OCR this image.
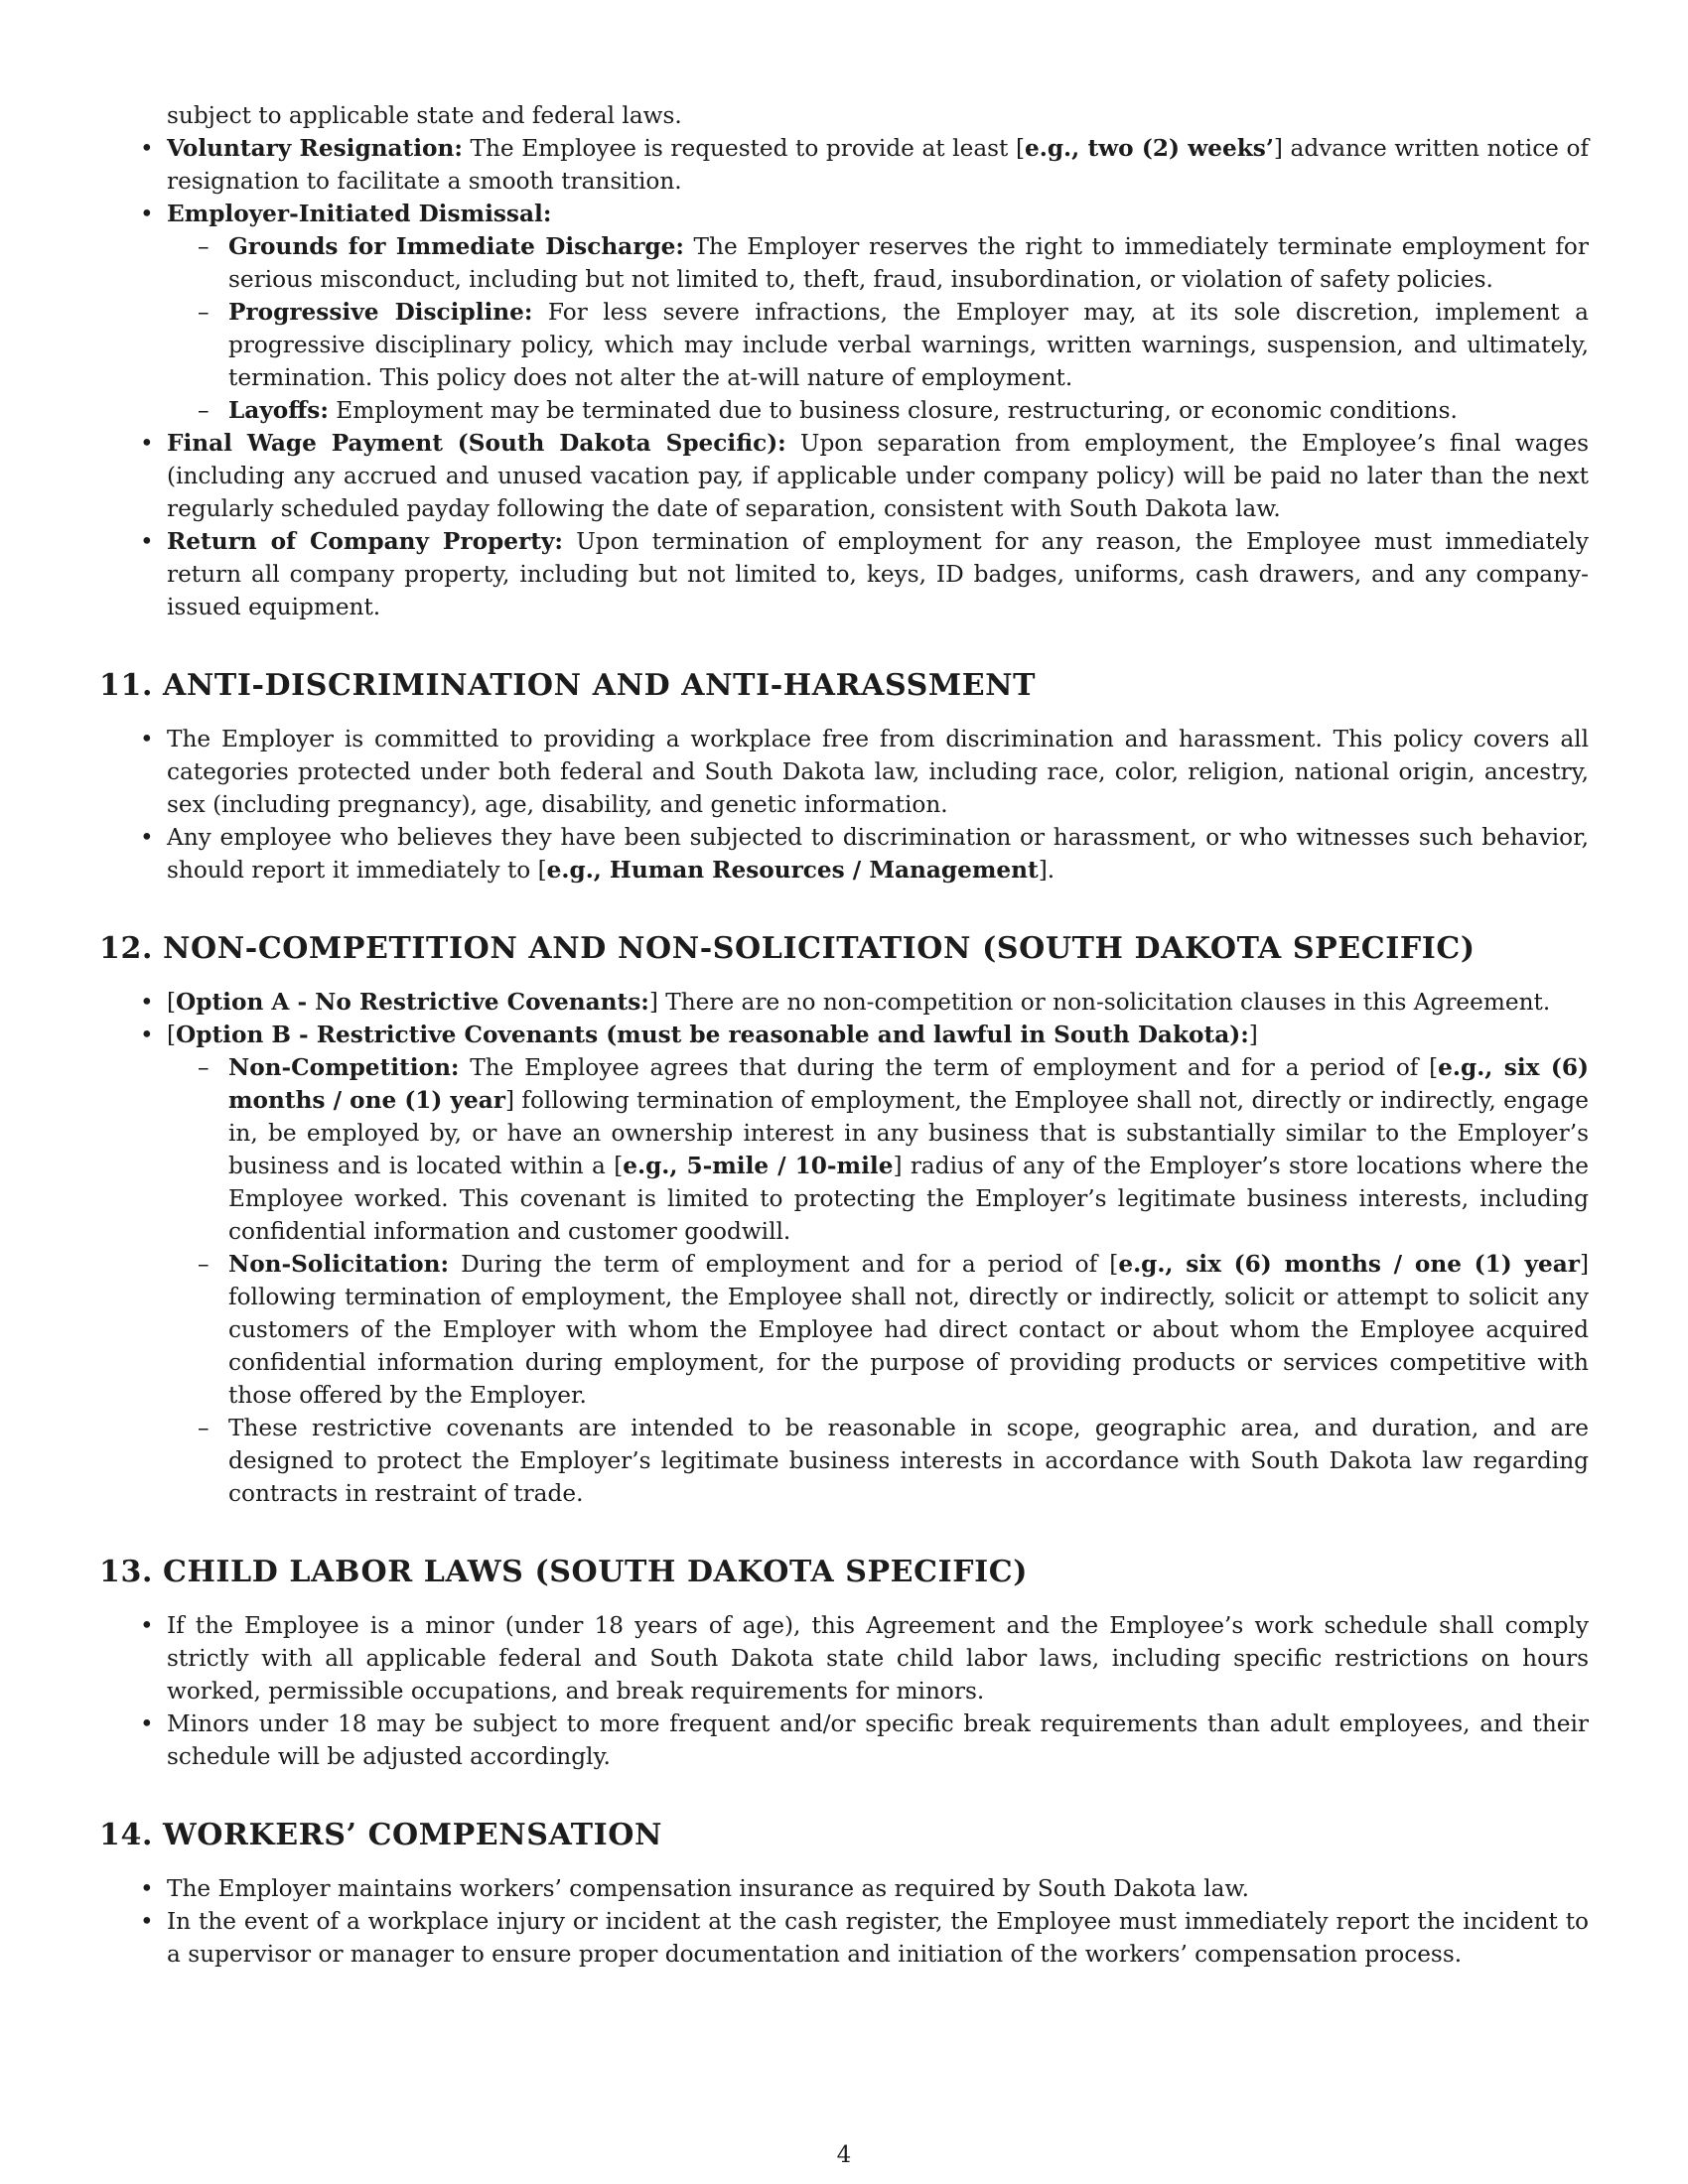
subject to applicable state and federal laws.

• Voluntary Resignation: The Employee is requested to provide at least [e.g., two (2) weeks’] advance written notice of resignation to facilitate a smooth transition.
• Employer-Initiated Dismissal:
– Grounds for Immediate Discharge: The Employer reserves the right to immediately terminate employment for serious misconduct, including but not limited to, theft, fraud, insubordination, or violation of safety policies.
– Progressive Discipline: For less severe infractions, the Employer may, at its sole discretion, implement a progressive disciplinary policy, which may include verbal warnings, written warnings, suspension, and ultimately, termination. This policy does not alter the at-will nature of employment.
– Layoffs: Employment may be terminated due to business closure, restructuring, or economic conditions.
• Final Wage Payment (South Dakota Specific): Upon separation from employment, the Employee’s final wages (including any accrued and unused vacation pay, if applicable under company policy) will be paid no later than the next regularly scheduled payday following the date of separation, consistent with South Dakota law.
• Return of Company Property: Upon termination of employment for any reason, the Employee must immediately return all company property, including but not limited to, keys, ID badges, uniforms, cash drawers, and any company-issued equipment.
11. ANTI-DISCRIMINATION AND ANTI-HARASSMENT
• The Employer is committed to providing a workplace free from discrimination and harassment. This policy covers all categories protected under both federal and South Dakota law, including race, color, religion, national origin, ancestry, sex (including pregnancy), age, disability, and genetic information.
• Any employee who believes they have been subjected to discrimination or harassment, or who witnesses such behavior, should report it immediately to [e.g., Human Resources / Management].
12. NON-COMPETITION AND NON-SOLICITATION (SOUTH DAKOTA SPECIFIC)
• [Option A - No Restrictive Covenants:] There are no non-competition or non-solicitation clauses in this Agreement.
• [Option B - Restrictive Covenants (must be reasonable and lawful in South Dakota):]
– Non-Competition: The Employee agrees that during the term of employment and for a period of [e.g., six (6) months / one (1) year] following termination of employment, the Employee shall not, directly or indirectly, engage in, be employed by, or have an ownership interest in any business that is substantially similar to the Employer’s business and is located within a [e.g., 5-mile / 10-mile] radius of any of the Employer’s store locations where the Employee worked. This covenant is limited to protecting the Employer’s legitimate business interests, including confidential information and customer goodwill.
– Non-Solicitation: During the term of employment and for a period of [e.g., six (6) months / one (1) year] following termination of employment, the Employee shall not, directly or indirectly, solicit or attempt to solicit any customers of the Employer with whom the Employee had direct contact or about whom the Employee acquired confidential information during employment, for the purpose of providing products or services competitive with those offered by the Employer.
– These restrictive covenants are intended to be reasonable in scope, geographic area, and duration, and are designed to protect the Employer’s legitimate business interests in accordance with South Dakota law regarding contracts in restraint of trade.
13. CHILD LABOR LAWS (SOUTH DAKOTA SPECIFIC)
• If the Employee is a minor (under 18 years of age), this Agreement and the Employee’s work schedule shall comply strictly with all applicable federal and South Dakota state child labor laws, including specific restrictions on hours worked, permissible occupations, and break requirements for minors.
• Minors under 18 may be subject to more frequent and/or specific break requirements than adult employees, and their schedule will be adjusted accordingly.
14. WORKERS’ COMPENSATION
• The Employer maintains workers’ compensation insurance as required by South Dakota law.
• In the event of a workplace injury or incident at the cash register, the Employee must immediately report the incident to a supervisor or manager to ensure proper documentation and initiation of the workers’ compensation process.
4
